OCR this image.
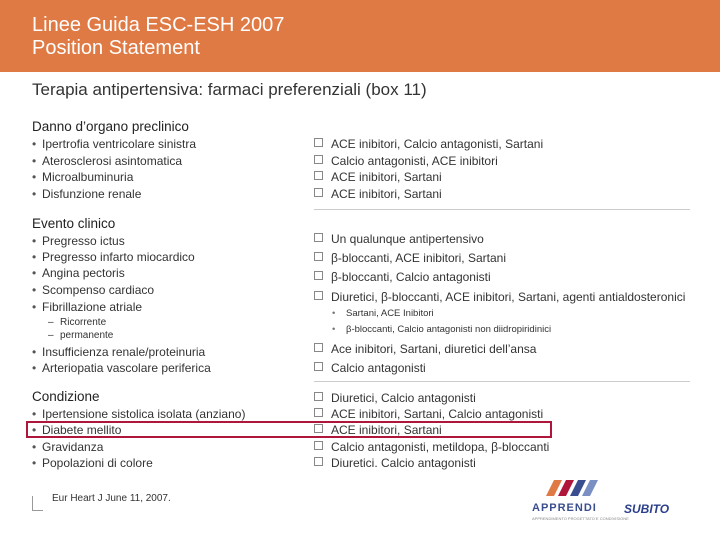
Linee Guida ESC-ESH 2007
Position Statement
Terapia antipertensiva: farmaci preferenziali (box 11)
Danno d’organo preclinico
• Ipertrofia ventricolare sinistra
• Aterosclerosi asintomatica
• Microalbuminuria
• Disfunzione renale
ACE inibitori, Calcio antagonisti, Sartani
Calcio antagonisti, ACE inibitori
ACE inibitori, Sartani
ACE inibitori, Sartani
Evento clinico
• Pregresso ictus
• Pregresso infarto miocardico
• Angina pectoris
• Scompenso cardiaco
• Fibrillazione atriale
– Ricorrente
– permanente
• Insufficienza renale/proteinuria
• Arteriopatia vascolare periferica
Un qualunque antipertensivo
β-bloccanti, ACE inibitori, Sartani
β-bloccanti, Calcio antagonisti
Diuretici, β-bloccanti, ACE inibitori, Sartani, agenti antialdosteronici
• Sartani, ACE Inibitori
• β-bloccanti, Calcio antagonisti non diidropiridinici
Ace inibitori, Sartani, diuretici dell’ansa
Calcio antagonisti
Condizione
• Ipertensione sistolica isolata (anziano)
• Diabete mellito
• Gravidanza
• Popolazioni di colore
Diuretici, Calcio antagonisti
ACE inibitori, Sartani, Calcio antagonisti
ACE inibitori, Sartani
Calcio antagonisti, metildopa, β-bloccanti
Diuretici. Calcio antagonisti
Eur Heart J June 11, 2007.
APPRENDI
APPRENDIMENTO PROGETTATO E CONDIVISIONE
SUBITO
